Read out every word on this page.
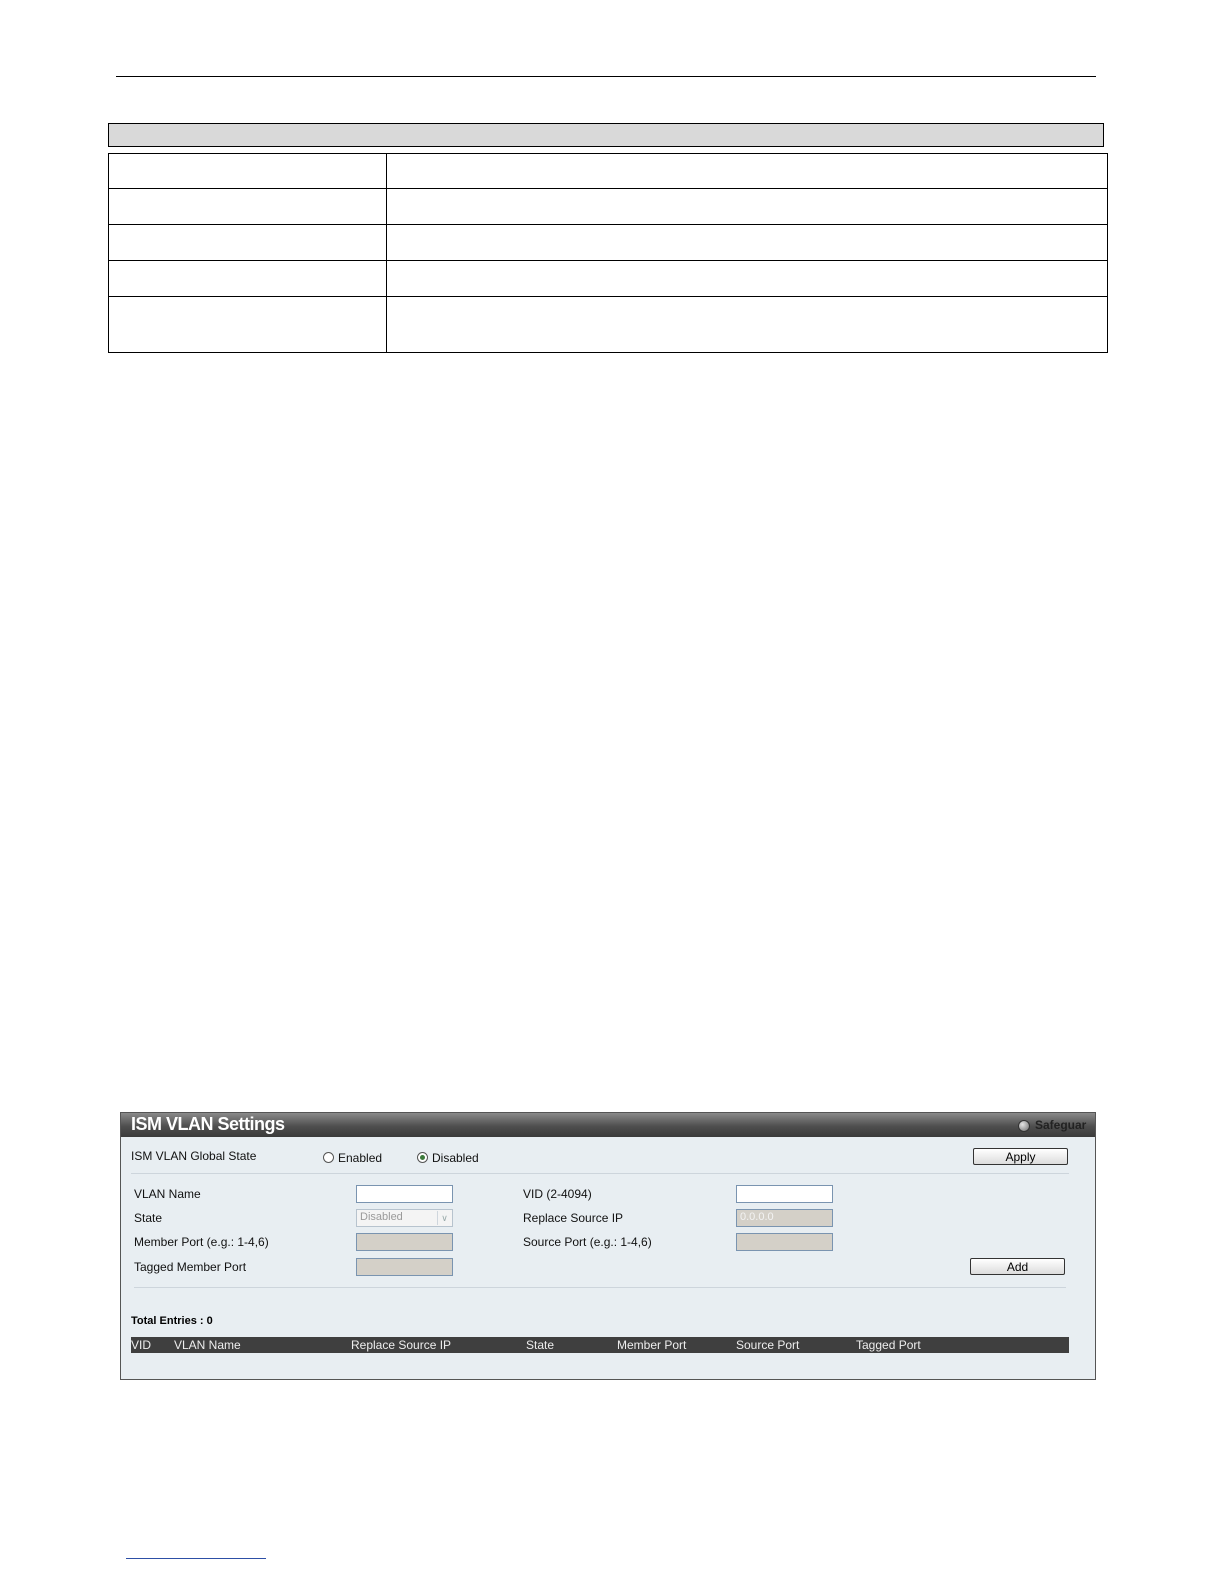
ISM VLAN Settings	Safeguar
ISM VLAN Global State	Enabled	Disabled	Apply
VLAN Name	VID (2-4094)
State	Disabled	∨	Replace Source IP	0.0.0.0
Member Port (e.g.: 1-4,6)	Source Port (e.g.: 1-4,6)
Tagged Member Port	Add
Total Entries : 0
VID VLAN Name	Replace Source IP	State	Member Port	Source Port	Tagged Port
